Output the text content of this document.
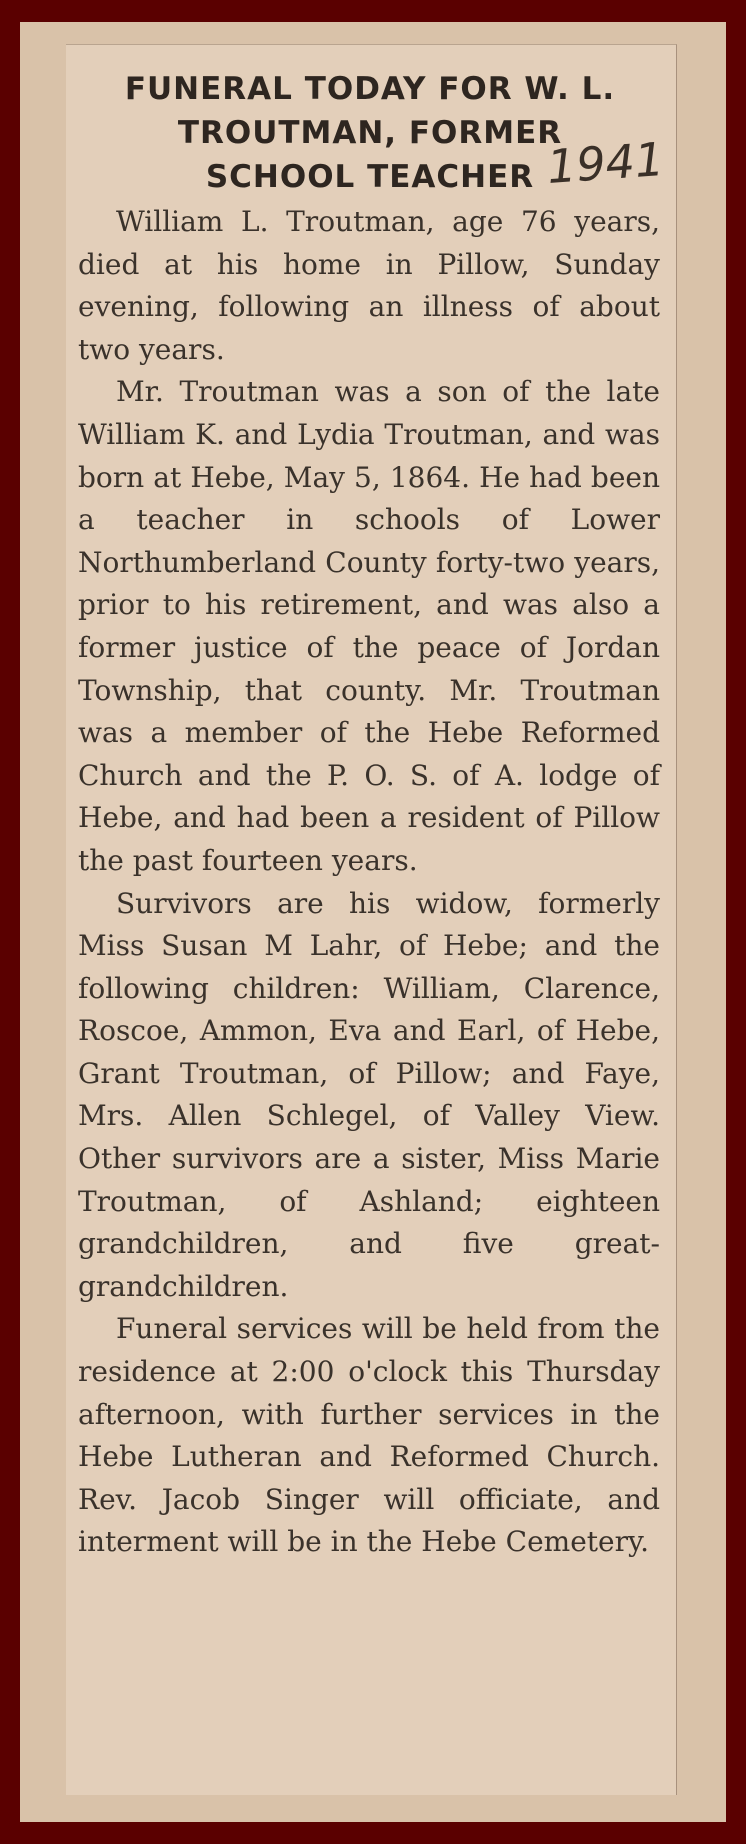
FUNERAL TODAY FOR W. L.
TROUTMAN, FORMER
SCHOOL TEACHER 1941

William L. Troutman, age 76 years, died at his home in Pillow, Sunday evening, following an illness of about two years.

Mr. Troutman was a son of the late William K. and Lydia Troutman, and was born at Hebe, May 5, 1864. He had been a teacher in schools of Lower Northumberland County forty-two years, prior to his retirement, and was also a former justice of the peace of Jordan Township, that county. Mr. Troutman was a member of the Hebe Reformed Church and the P. O. S. of A. lodge of Hebe, and had been a resident of Pillow the past fourteen years.

Survivors are his widow, formerly Miss Susan M Lahr, of Hebe; and the following children: William, Clarence, Roscoe, Ammon, Eva and Earl, of Hebe, Grant Troutman, of Pillow; and Faye, Mrs. Allen Schlegel, of Valley View. Other survivors are a sister, Miss Marie Troutman, of Ashland; eighteen grandchildren, and five great-grandchildren.

Funeral services will be held from the residence at 2:00 o'clock this Thursday afternoon, with further services in the Hebe Lutheran and Reformed Church. Rev. Jacob Singer will officiate, and interment will be in the Hebe Cemetery.
